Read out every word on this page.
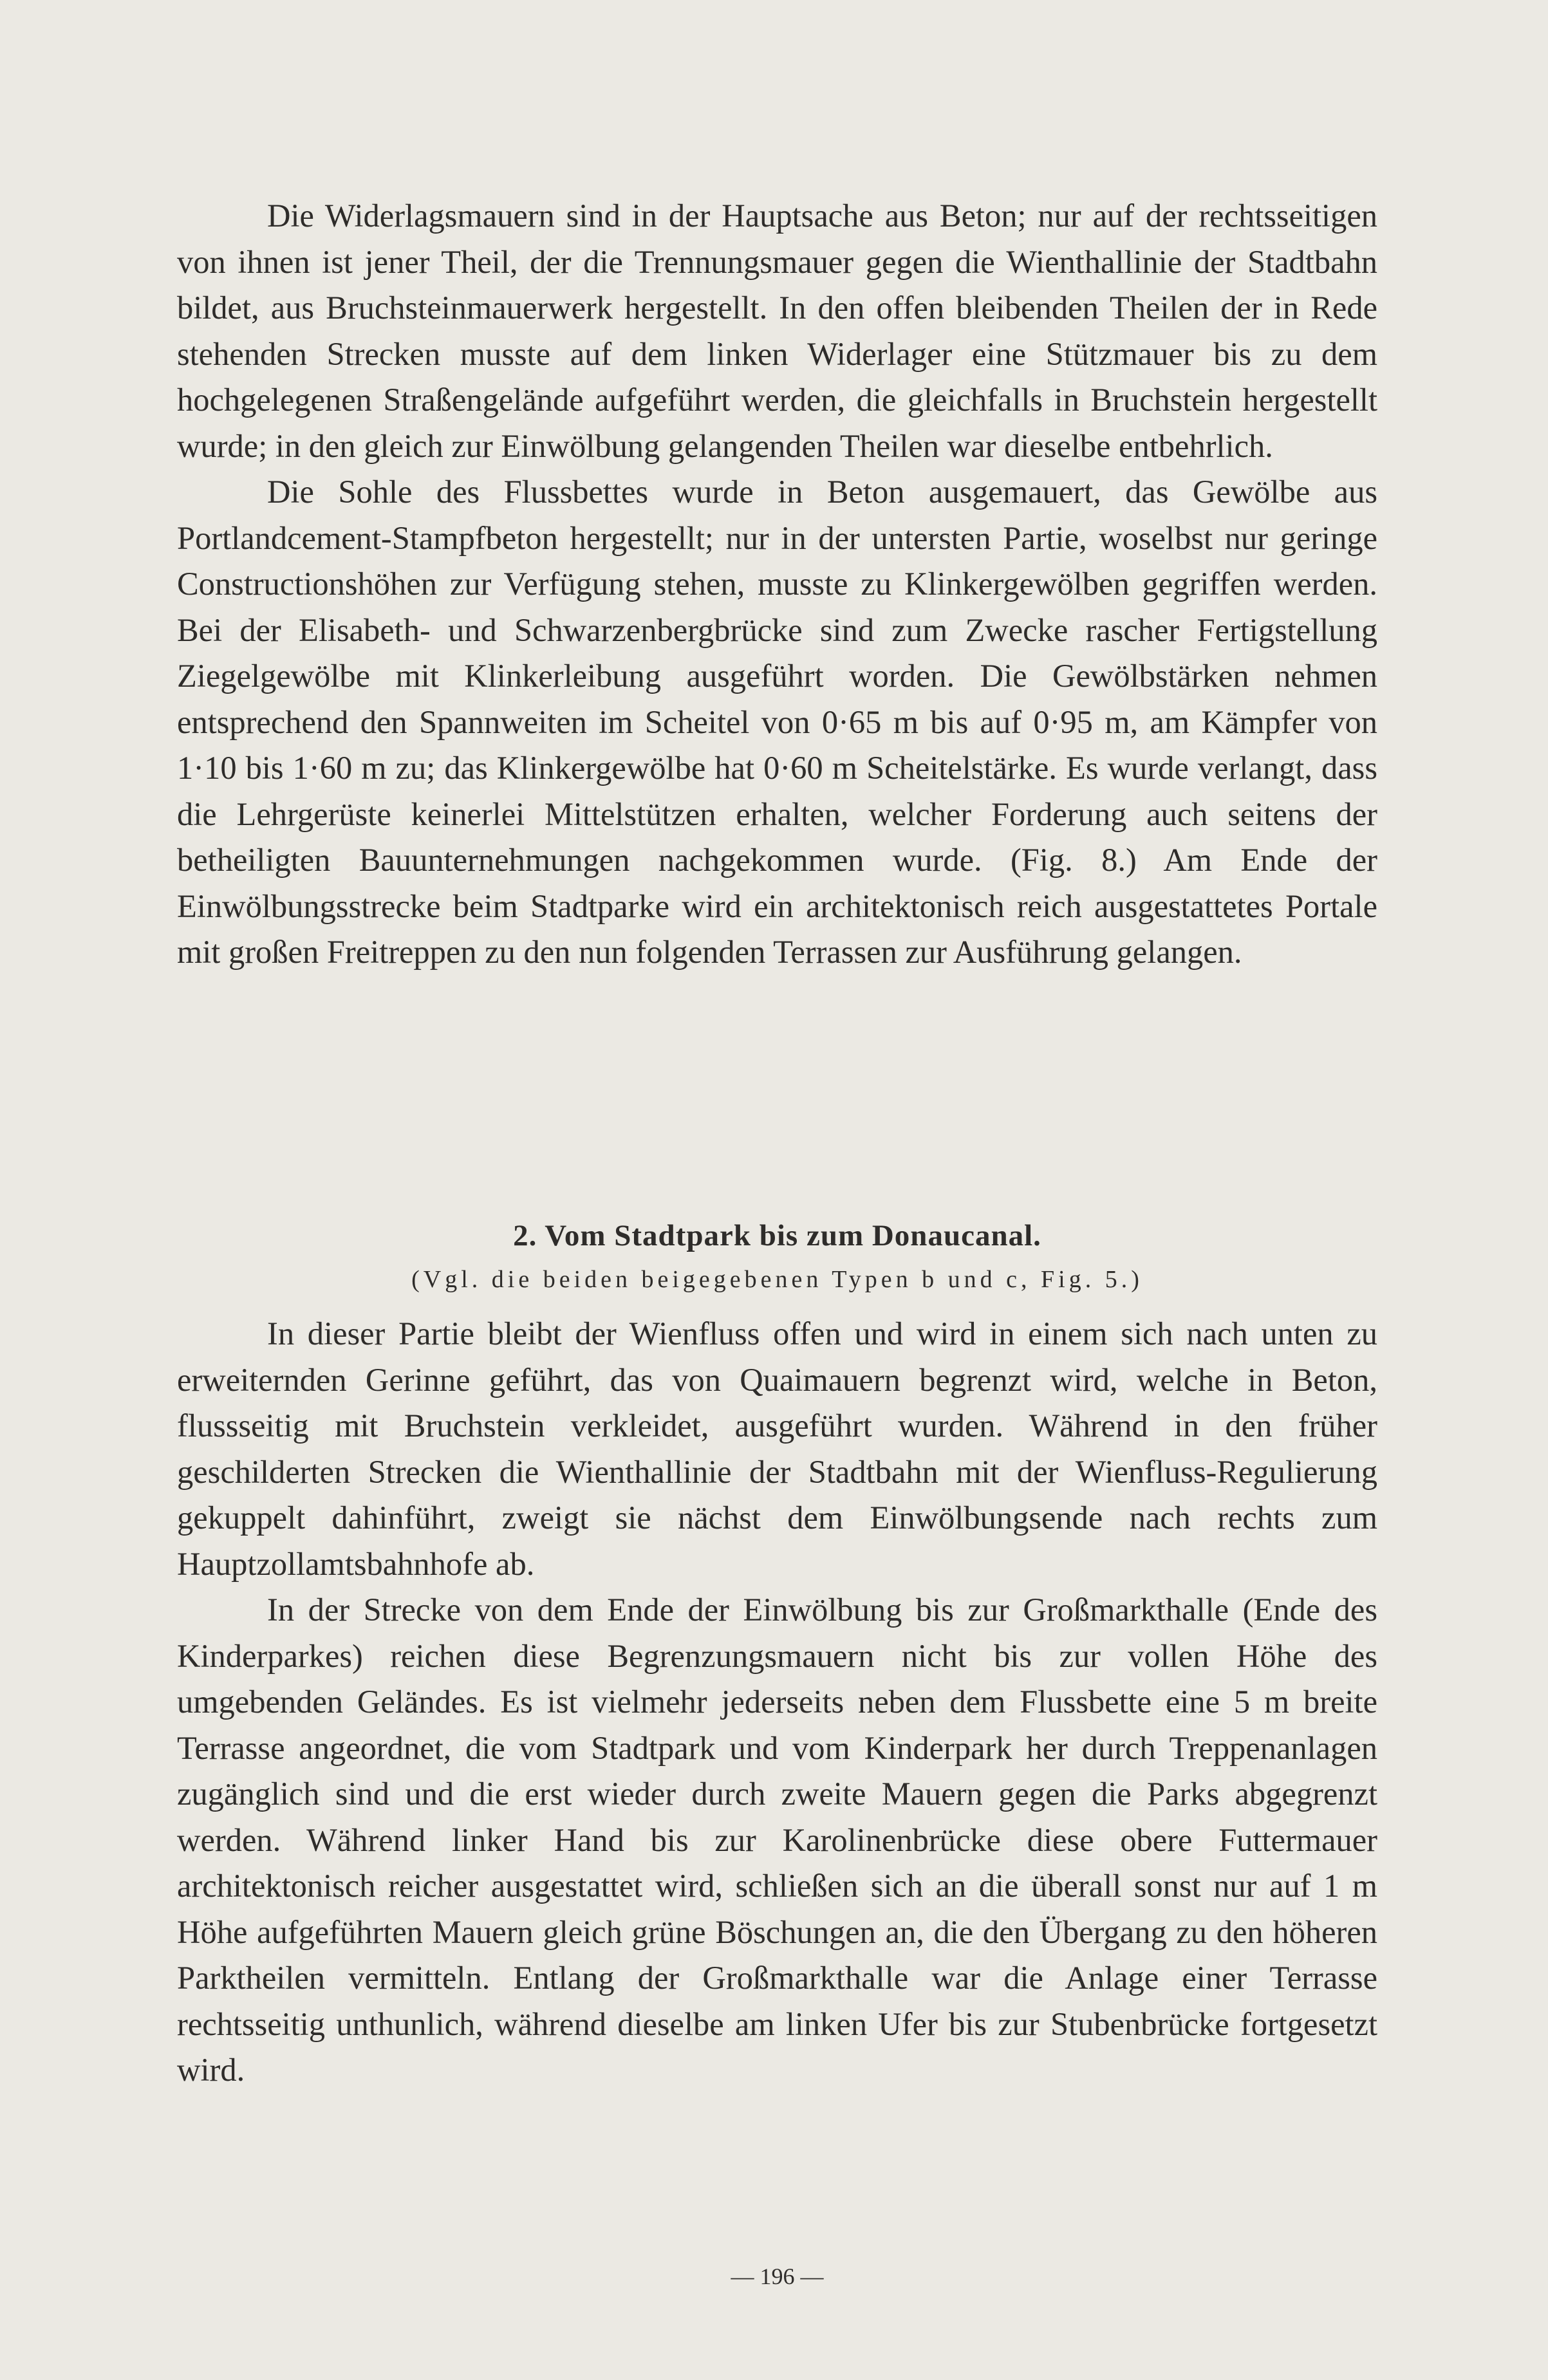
Die Widerlagsmauern sind in der Hauptsache aus Beton; nur auf der rechtsseitigen von ihnen ist jener Theil, der die Trennungsmauer gegen die Wienthallinie der Stadtbahn bildet, aus Bruchsteinmauerwerk hergestellt. In den offen bleibenden Theilen der in Rede stehenden Strecken musste auf dem linken Widerlager eine Stützmauer bis zu dem hochgelegenen Straßengelände aufgeführt werden, die gleichfalls in Bruchstein hergestellt wurde; in den gleich zur Einwölbung gelangenden Theilen war dieselbe entbehrlich.

Die Sohle des Flussbettes wurde in Beton ausgemauert, das Gewölbe aus Portlandcement-Stampfbeton hergestellt; nur in der untersten Partie, woselbst nur geringe Constructionshöhen zur Verfügung stehen, musste zu Klinkergewölben gegriffen werden. Bei der Elisabeth- und Schwarzenbergbrücke sind zum Zwecke rascher Fertigstellung Ziegelgewölbe mit Klinkerleibung ausgeführt worden. Die Gewölbstärken nehmen entsprechend den Spannweiten im Scheitel von 0·65 m bis auf 0·95 m, am Kämpfer von 1·10 bis 1·60 m zu; das Klinkergewölbe hat 0·60 m Scheitelstärke. Es wurde verlangt, dass die Lehrgerüste keinerlei Mittelstützen erhalten, welcher Forderung auch seitens der betheiligten Bauunternehmungen nachgekommen wurde. (Fig. 8.) Am Ende der Einwölbungsstrecke beim Stadtparke wird ein architektonisch reich ausgestattetes Portale mit großen Freitreppen zu den nun folgenden Terrassen zur Ausführung gelangen.

2. Vom Stadtpark bis zum Donaucanal.
(Vgl. die beiden beigegebenen Typen b und c, Fig. 5.)

In dieser Partie bleibt der Wienfluss offen und wird in einem sich nach unten zu erweiternden Gerinne geführt, das von Quaimauern begrenzt wird, welche in Beton, flussseitig mit Bruchstein verkleidet, ausgeführt wurden. Während in den früher geschilderten Strecken die Wienthallinie der Stadtbahn mit der Wienfluss-Regulierung gekuppelt dahinführt, zweigt sie nächst dem Einwölbungsende nach rechts zum Hauptzollamtsbahnhofe ab.

In der Strecke von dem Ende der Einwölbung bis zur Großmarkthalle (Ende des Kinderparkes) reichen diese Begrenzungsmauern nicht bis zur vollen Höhe des umgebenden Geländes. Es ist vielmehr jederseits neben dem Flussbette eine 5 m breite Terrasse angeordnet, die vom Stadtpark und vom Kinderpark her durch Treppenanlagen zugänglich sind und die erst wieder durch zweite Mauern gegen die Parks abgegrenzt werden. Während linker Hand bis zur Karolinenbrücke diese obere Futtermauer architektonisch reicher ausgestattet wird, schließen sich an die überall sonst nur auf 1 m Höhe aufgeführten Mauern gleich grüne Böschungen an, die den Übergang zu den höheren Parktheilen vermitteln. Entlang der Großmarkthalle war die Anlage einer Terrasse rechtsseitig unthunlich, während dieselbe am linken Ufer bis zur Stubenbrücke fortgesetzt wird.

— 196 —
